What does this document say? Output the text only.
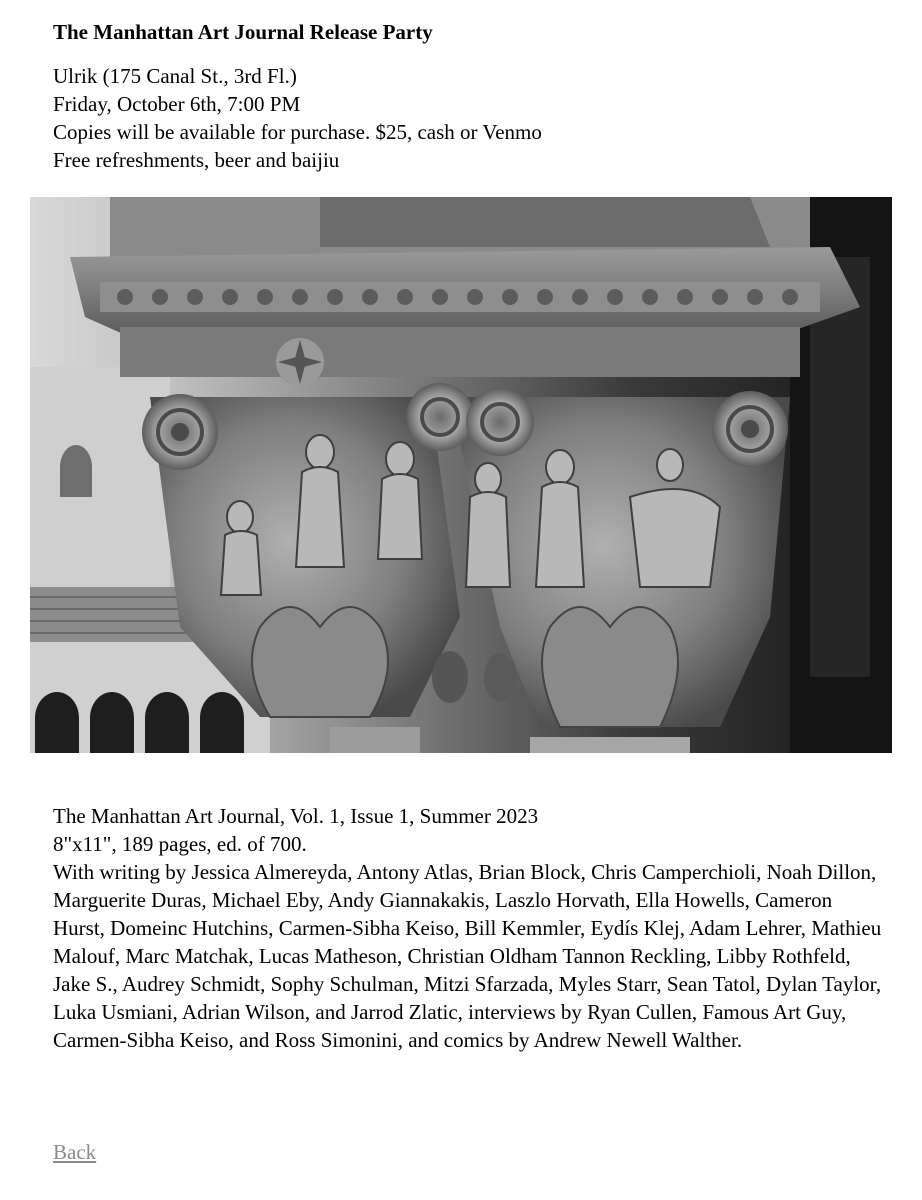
The Manhattan Art Journal Release Party
Ulrik (175 Canal St., 3rd Fl.)
Friday, October 6th, 7:00 PM
Copies will be available for purchase. $25, cash or Venmo
Free refreshments, beer and baijiu
The Manhattan Art Journal, Vol. 1, Issue 1, Summer 2023
8"x11", 189 pages, ed. of 700.
With writing by Jessica Almereyda, Antony Atlas, Brian Block, Chris Camperchioli, Noah Dillon, Marguerite Duras, Michael Eby, Andy Giannakakis, Laszlo Horvath, Ella Howells, Cameron Hurst, Domeinc Hutchins, Carmen-Sibha Keiso, Bill Kemmler, Eydís Klej, Adam Lehrer, Mathieu Malouf, Marc Matchak, Lucas Matheson, Christian Oldham Tannon Reckling, Libby Rothfeld, Jake S., Audrey Schmidt, Sophy Schulman, Mitzi Sfarzada, Myles Starr, Sean Tatol, Dylan Taylor, Luka Usmiani, Adrian Wilson, and Jarrod Zlatic, interviews by Ryan Cullen, Famous Art Guy, Carmen-Sibha Keiso, and Ross Simonini, and comics by Andrew Newell Walther.
Back
